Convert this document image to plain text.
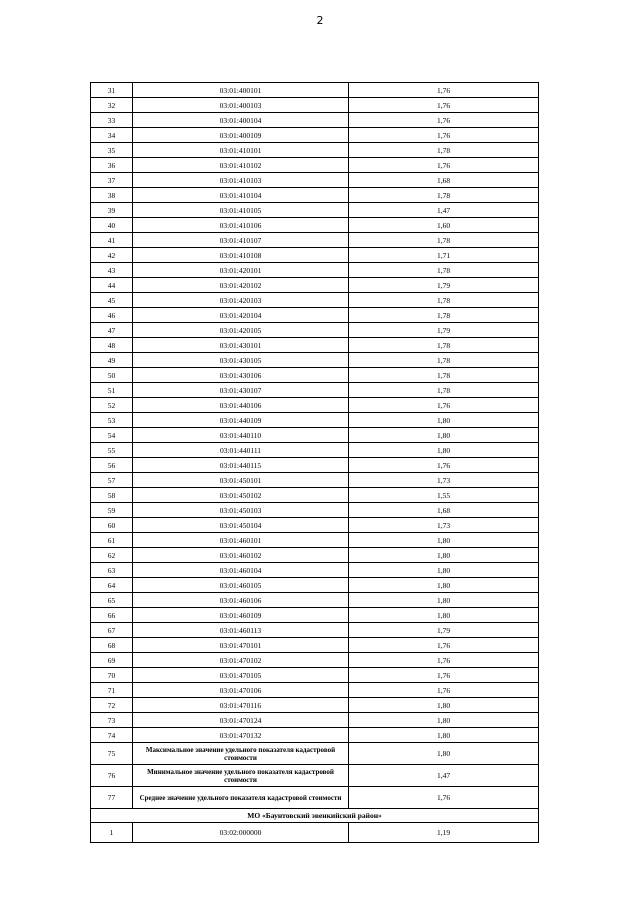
2
31	03:01:400101	1,76
32	03:01:400103	1,76
33	03:01:400104	1,76
34	03:01:400109	1,76
35	03:01:410101	1,78
36	03:01:410102	1,76
37	03:01:410103	1,68
38	03:01:410104	1,78
39	03:01:410105	1,47
40	03:01:410106	1,60
41	03:01:410107	1,78
42	03:01:410108	1,71
43	03:01:420101	1,78
44	03:01:420102	1,79
45	03:01:420103	1,78
46	03:01:420104	1,78
47	03:01:420105	1,79
48	03:01:430101	1,78
49	03:01:430105	1,78
50	03:01:430106	1,78
51	03:01:430107	1,78
52	03:01:440106	1,76
53	03:01:440109	1,80
54	03:01:440110	1,80
55	03:01:440111	1,80
56	03:01:440115	1,76
57	03:01:450101	1,73
58	03:01:450102	1,55
59	03:01:450103	1,68
60	03:01:450104	1,73
61	03:01:460101	1,80
62	03:01:460102	1,80
63	03:01:460104	1,80
64	03:01:460105	1,80
65	03:01:460106	1,80
66	03:01:460109	1,80
67	03:01:460113	1,79
68	03:01:470101	1,76
69	03:01:470102	1,76
70	03:01:470105	1,76
71	03:01:470106	1,76
72	03:01:470116	1,80
73	03:01:470124	1,80
74	03:01:470132	1,80
75	Максимальное значение удельного показателя кадастровой стоимости	1,80
76	Минимальное значение удельного показателя кадастровой стоимости	1,47
77	Среднее значение удельного показателя кадастровой стоимости	1,76
МО «Баунтовский эвенкийский район»		
1	03:02:000000	1,19
